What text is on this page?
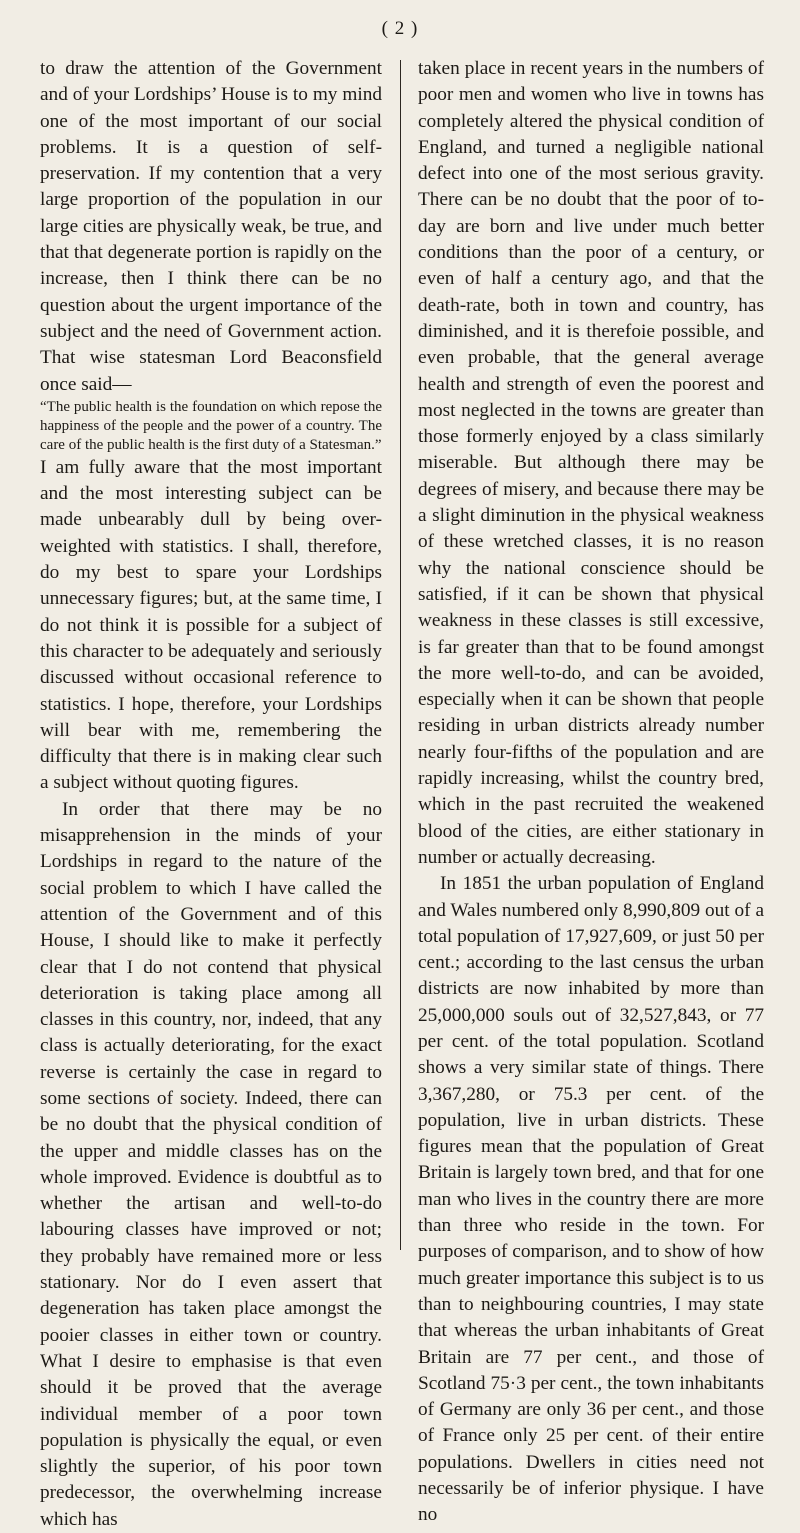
( 2 )

to draw the attention of the Government and of your Lordships’ House is to my mind one of the most important of our social problems. It is a question of self-preservation. If my contention that a very large proportion of the population in our large cities are physically weak, be true, and that that degenerate portion is rapidly on the increase, then I think there can be no question about the urgent importance of the subject and the need of Government action. That wise statesman Lord Beaconsfield once said—

“The public health is the foundation on which repose the happiness of the people and the power of a country. The care of the public health is the first duty of a Statesman.”

I am fully aware that the most important and the most interesting subject can be made unbearably dull by being over-weighted with statistics. I shall, therefore, do my best to spare your Lordships unnecessary figures; but, at the same time, I do not think it is possible for a subject of this character to be adequately and seriously discussed without occasional reference to statistics. I hope, therefore, your Lordships will bear with me, remembering the difficulty that there is in making clear such a subject without quoting figures.

In order that there may be no misapprehension in the minds of your Lordships in regard to the nature of the social problem to which I have called the attention of the Government and of this House, I should like to make it perfectly clear that I do not contend that physical deterioration is taking place among all classes in this country, nor, indeed, that any class is actually deteriorating, for the exact reverse is certainly the case in regard to some sections of society. Indeed, there can be no doubt that the physical condition of the upper and middle classes has on the whole improved. Evidence is doubtful as to whether the artisan and well-to-do labouring classes have improved or not; they probably have remained more or less stationary. Nor do I even assert that degeneration has taken place amongst the pooier classes in either town or country. What I desire to emphasise is that even should it be proved that the average individual member of a poor town population is physically the equal, or even slightly the superior, of his poor town predecessor, the overwhelming increase which has

taken place in recent years in the numbers of poor men and women who live in towns has completely altered the physical condition of England, and turned a negligible national defect into one of the most serious gravity. There can be no doubt that the poor of to-day are born and live under much better conditions than the poor of a century, or even of half a century ago, and that the death-rate, both in town and country, has diminished, and it is therefoie possible, and even probable, that the general average health and strength of even the poorest and most neglected in the towns are greater than those formerly enjoyed by a class similarly miserable. But although there may be degrees of misery, and because there may be a slight diminution in the physical weakness of these wretched classes, it is no reason why the national conscience should be satisfied, if it can be shown that physical weakness in these classes is still excessive, is far greater than that to be found amongst the more well-to-do, and can be avoided, especially when it can be shown that people residing in urban districts already number nearly four-fifths of the population and are rapidly increasing, whilst the country bred, which in the past recruited the weakened blood of the cities, are either stationary in number or actually decreasing.

In 1851 the urban population of England and Wales numbered only 8,990,809 out of a total population of 17,927,609, or just 50 per cent.; according to the last census the urban districts are now inhabited by more than 25,000,000 souls out of 32,527,843, or 77 per cent. of the total population. Scotland shows a very similar state of things. There 3,367,280, or 75.3 per cent. of the population, live in urban districts. These figures mean that the population of Great Britain is largely town bred, and that for one man who lives in the country there are more than three who reside in the town. For purposes of comparison, and to show of how much greater importance this subject is to us than to neighbouring countries, I may state that whereas the urban inhabitants of Great Britain are 77 per cent., and those of Scotland 75·3 per cent., the town inhabitants of Germany are only 36 per cent., and those of France only 25 per cent. of their entire populations. Dwellers in cities need not necessarily be of inferior physique. I have no
